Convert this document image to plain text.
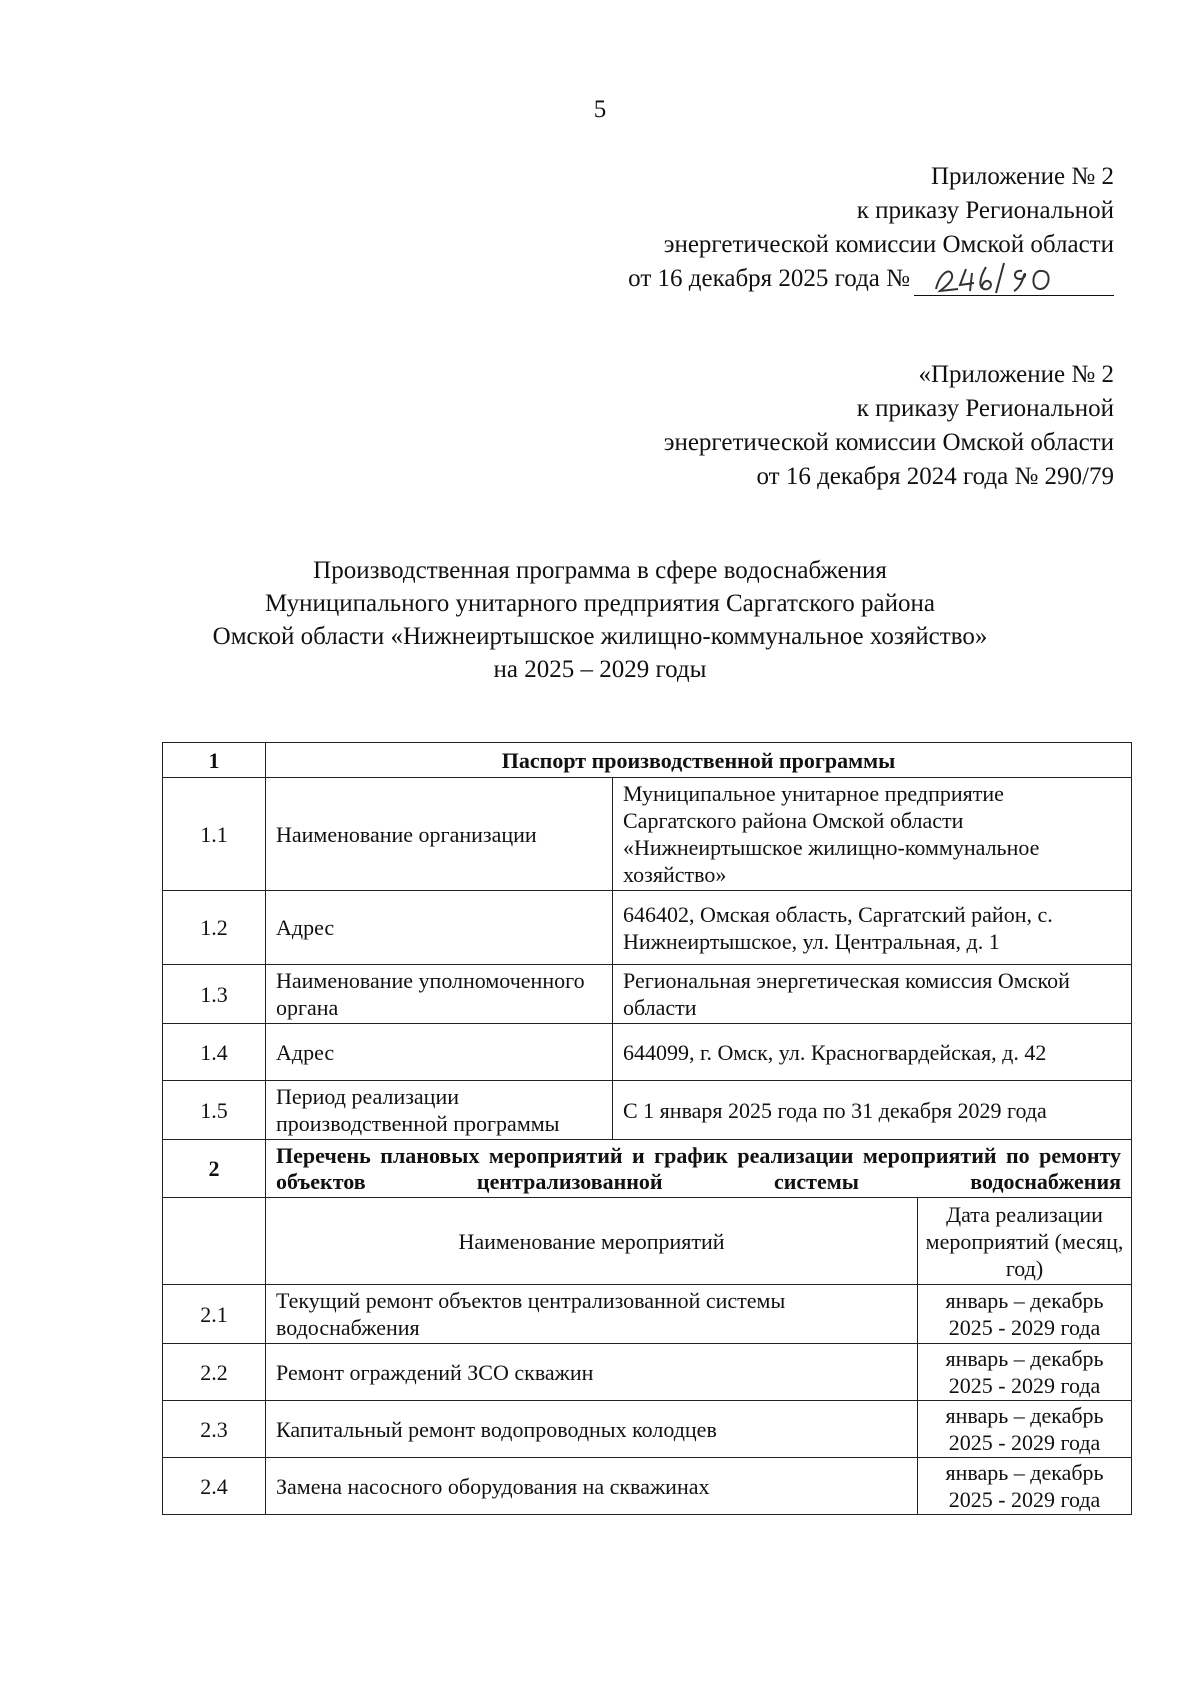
5
Приложение № 2
к приказу Региональной
энергетической комиссии Омской области
от 16 декабря 2025 года №
«Приложение № 2
к приказу Региональной
энергетической комиссии Омской области
от 16 декабря 2024 года № 290/79
Производственная программа в сфере водоснабжения
Муниципального унитарного предприятия Саргатского района
Омской области «Нижнеиртышское жилищно-коммунальное хозяйство»
на 2025 – 2029 годы
1	Паспорт производственной программы		
1.1	Наименование организации	Муниципальное унитарное предприятие Саргатского района Омской области «Нижнеиртышское жилищно-коммунальное хозяйство»	
1.2	Адрес	646402, Омская область, Саргатский район, с. Нижнеиртышское, ул. Центральная, д. 1	
1.3	Наименование уполномоченного органа	Региональная энергетическая комиссия Омской области	
1.4	Адрес	644099, г. Омск, ул. Красногвардейская, д. 42	
1.5	Период реализации производственной программы	С 1 января 2025 года по 31 декабря 2029 года	
2	Перечень плановых мероприятий и график реализации мероприятий по ремонту объектов централизованной системы водоснабжения		
	Наименование мероприятий		Дата реализации мероприятий (месяц, год)
2.1	Текущий ремонт объектов централизованной системы водоснабжения		январь – декабрь 2025 - 2029 года
2.2	Ремонт ограждений ЗСО скважин		январь – декабрь 2025 - 2029 года
2.3	Капитальный ремонт водопроводных колодцев		январь – декабрь 2025 - 2029 года
2.4	Замена насосного оборудования на скважинах		январь – декабрь 2025 - 2029 года
